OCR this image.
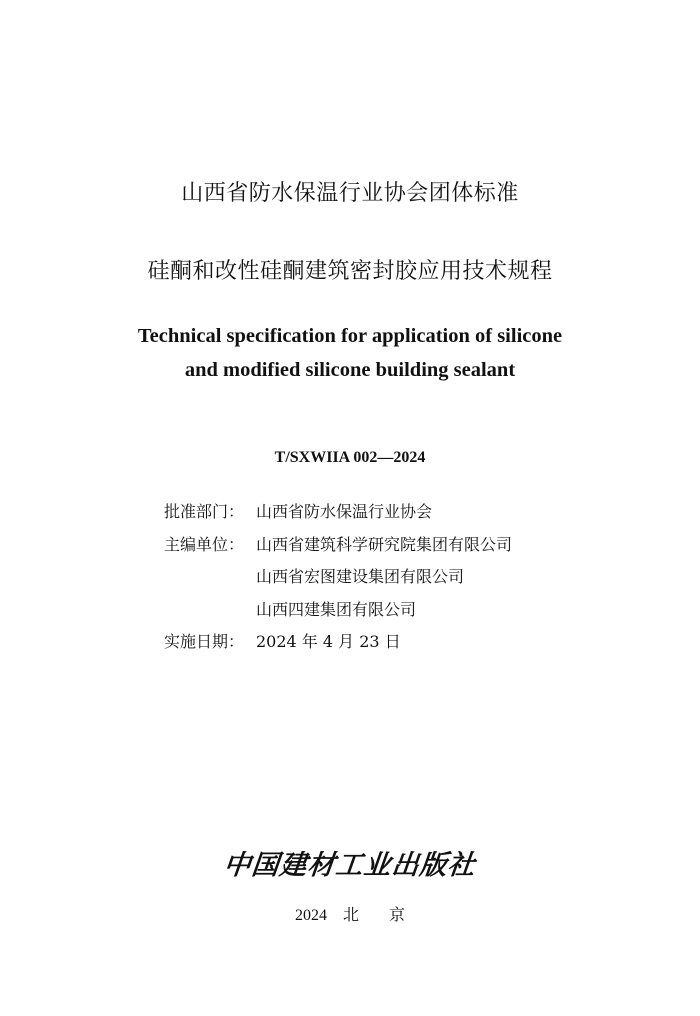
山西省防水保温行业协会团体标准
硅酮和改性硅酮建筑密封胶应用技术规程
Technical specification for application of silicone
and modified silicone building sealant
T/SXWIIA 002—2024
批准部门： 山西省防水保温行业协会
主编单位： 山西省建筑科学研究院集团有限公司
山西省宏图建设集团有限公司
山西四建集团有限公司
实施日期： 2024 年 4 月 23 日
中国建材工业出版社
2024 北 京
